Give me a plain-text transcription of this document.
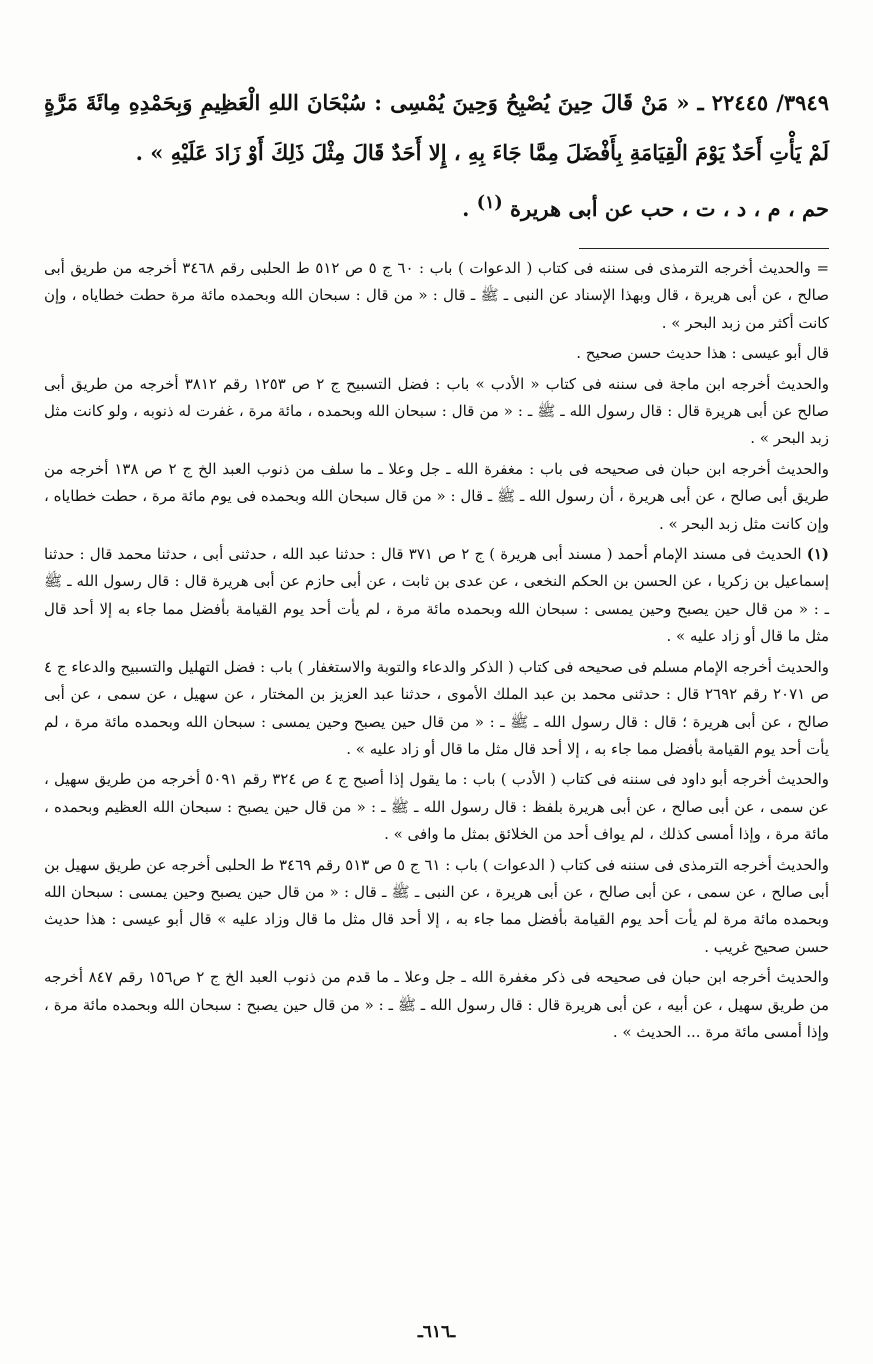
٣٩٤٩/ ٢٢٤٤٥ ـ « مَنْ قَالَ حِينَ يُصْبِحُ وَحِينَ يُمْسِى : سُبْحَانَ اللهِ الْعَظِيمِ وَبِحَمْدِهِ مِائَةَ مَرَّةٍ لَمْ يَأْتِ أَحَدٌ يَوْمَ الْقِيَامَةِ بِأَفْضَلَ مِمَّا جَاءَ بِهِ ، إِلا أَحَدٌ قَالَ مِثْلَ ذَلِكَ أَوْ زَادَ عَلَيْهِ » .
حم ، م ، د ، ت ، حب عن أبى هريرة $^{(١)}$ .

= والحديث أخرجه الترمذى فى سننه فى كتاب ( الدعوات ) باب : ٦٠ ج ٥ ص ٥١٢ ط الحلبى رقم ٣٤٦٨ أخرجه من طريق أبى صالح ، عن أبى هريرة ، قال وبهذا الإسناد عن النبى ـ ﷺ ـ قال : « من قال : سبحان الله وبحمده مائة مرة حطت خطاياه ، وإن كانت أكثر من زبد البحر » .

قال أبو عيسى : هذا حديث حسن صحيح .

والحديث أخرجه ابن ماجة فى سننه فى كتاب « الأدب » باب : فضل التسبيح ج ٢ ص ١٢٥٣ رقم ٣٨١٢ أخرجه من طريق أبى صالح عن أبى هريرة قال : قال رسول الله ـ ﷺ ـ : « من قال : سبحان الله وبحمده ، مائة مرة ، غفرت له ذنوبه ، ولو كانت مثل زبد البحر » .

والحديث أخرجه ابن حبان فى صحيحه فى باب : مغفرة الله ـ جل وعلا ـ ما سلف من ذنوب العبد الخ ج ٢ ص ١٣٨ أخرجه من طريق أبى صالح ، عن أبى هريرة ، أن رسول الله ـ ﷺ ـ قال : « من قال سبحان الله وبحمده فى يوم مائة مرة ، حطت خطاياه ، وإن كانت مثل زبد البحر » .

(١) الحديث فى مسند الإمام أحمد ( مسند أبى هريرة ) ج ٢ ص ٣٧١ قال : حدثنا عبد الله ، حدثنى أبى ، حدثنا محمد قال : حدثنا إسماعيل بن زكريا ، عن الحسن بن الحكم النخعى ، عن عدى بن ثابت ، عن أبى حازم عن أبى هريرة قال : قال رسول الله ـ ﷺ ـ : « من قال حين يصبح وحين يمسى : سبحان الله وبحمده مائة مرة ، لم يأت أحد يوم القيامة بأفضل مما جاء به إلا أحد قال مثل ما قال أو زاد عليه » .

والحديث أخرجه الإمام مسلم فى صحيحه فى كتاب ( الذكر والدعاء والتوبة والاستغفار ) باب : فضل التهليل والتسبيح والدعاء ج ٤ ص ٢٠٧١ رقم ٢٦٩٢ قال : حدثنى محمد بن عبد الملك الأموى ، حدثنا عبد العزيز بن المختار ، عن سهيل ، عن سمى ، عن أبى صالح ، عن أبى هريرة ؛ قال : قال رسول الله ـ ﷺ ـ : « من قال حين يصبح وحين يمسى : سبحان الله وبحمده مائة مرة ، لم يأت أحد يوم القيامة بأفضل مما جاء به ، إلا أحد قال مثل ما قال أو زاد عليه » .

والحديث أخرجه أبو داود فى سننه فى كتاب ( الأدب ) باب : ما يقول إذا أصبح ج ٤ ص ٣٢٤ رقم ٥٠٩١ أخرجه من طريق سهيل ، عن سمى ، عن أبى صالح ، عن أبى هريرة بلفظ : قال رسول الله ـ ﷺ ـ : « من قال حين يصبح : سبحان الله العظيم وبحمده ، مائة مرة ، وإذا أمسى كذلك ، لم يواف أحد من الخلائق بمثل ما وافى » .

والحديث أخرجه الترمذى فى سننه فى كتاب ( الدعوات ) باب : ٦١ ج ٥ ص ٥١٣ رقم ٣٤٦٩ ط الحلبى أخرجه عن طريق سهيل بن أبى صالح ، عن سمى ، عن أبى صالح ، عن أبى هريرة ، عن النبى ـ ﷺ ـ قال : « من قال حين يصبح وحين يمسى : سبحان الله وبحمده مائة مرة لم يأت أحد يوم القيامة بأفضل مما جاء به ، إلا أحد قال مثل ما قال وزاد عليه » قال أبو عيسى : هذا حديث حسن صحيح غريب .

والحديث أخرجه ابن حبان فى صحيحه فى ذكر مغفرة الله ـ جل وعلا ـ ما قدم من ذنوب العبد الخ ج ٢ ص١٥٦ رقم ٨٤٧ أخرجه من طريق سهيل ، عن أبيه ، عن أبى هريرة قال : قال رسول الله ـ ﷺ ـ : « من قال حين يصبح : سبحان الله وبحمده مائة مرة ، وإذا أمسى مائة مرة ... الحديث » .

ـ٦١٦ـ
